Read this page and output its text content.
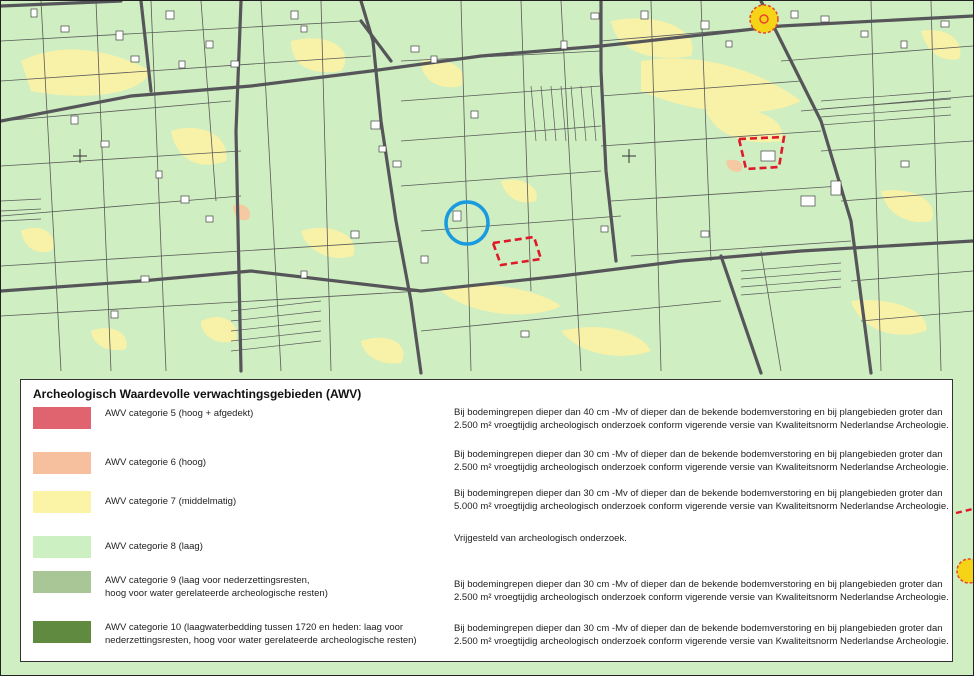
Archeologisch Waardevolle verwachtingsgebieden (AWV)
AWV categorie 5 (hoog + afgedekt)	Bij bodemingrepen dieper dan 40 cm -Mv of dieper dan de bekende bodemverstoring en bij plangebieden groter dan
2.500 m² vroegtijdig archeologisch onderzoek conform vigerende versie van Kwaliteitsnorm Nederlandse Archeologie.
AWV categorie 6 (hoog)
Bij bodemingrepen dieper dan 30 cm -Mv of dieper dan de bekende bodemverstoring en bij plangebieden groter dan
2.500 m² vroegtijdig archeologisch onderzoek conform vigerende versie van Kwaliteitsnorm Nederlandse Archeologie.
AWV categorie 7 (middelmatig)
Bij bodemingrepen dieper dan 30 cm -Mv of dieper dan de bekende bodemverstoring en bij plangebieden groter dan
5.000 m² vroegtijdig archeologisch onderzoek conform vigerende versie van Kwaliteitsnorm Nederlandse Archeologie.
AWV categorie 8 (laag)
Vrijgesteld van archeologisch onderzoek.
AWV categorie 9 (laag voor nederzettingsresten,
hoog voor water gerelateerde archeologische resten)
Bij bodemingrepen dieper dan 30 cm -Mv of dieper dan de bekende bodemverstoring en bij plangebieden groter dan
2.500 m² vroegtijdig archeologisch onderzoek conform vigerende versie van Kwaliteitsnorm Nederlandse Archeologie.
AWV categorie 10 (laagwaterbedding tussen 1720 en heden: laag voor
nederzettingsresten, hoog voor water gerelateerde archeologische resten)
Bij bodemingrepen dieper dan 30 cm -Mv of dieper dan de bekende bodemverstoring en bij plangebieden groter dan
2.500 m² vroegtijdig archeologisch onderzoek conform vigerende versie van Kwaliteitsnorm Nederlandse Archeologie.
